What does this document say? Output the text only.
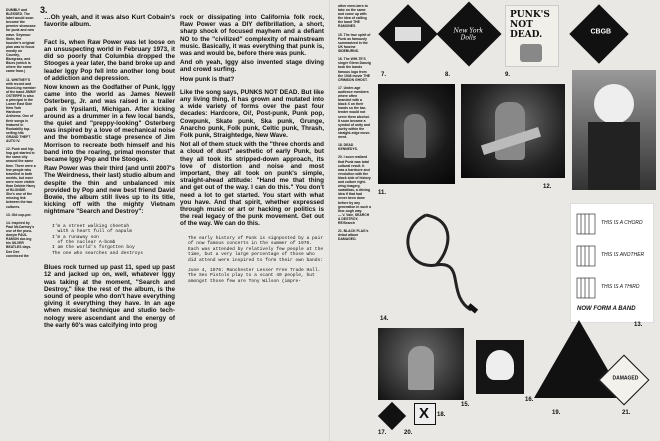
DUMBLY and BLESSED. The label would soon become the premier showcase for punk and new wave. Seymour Stein, the founder's original plan was to focus mostly on Country, Bluegrass, and Blues (which is where the name came from.)

11. WHITNEY'S with record and found-ing member of the band JIMMY OSTERPE is also a principal in the Lower East Side New York Hardcore Anthems. One of their songs is featured in Rockabilly top-selling hits GRAND THEFT AUTO IV.

12. Punk and hip-hop got started in the same city around the same time. There were a few people who travelled in both worlds, but none were more visible than Debbie Harry of BLONDIE. She's one of the missing link between the two cultures.

13. Old cop-per.

14. Inspired by Paul McCartney's use of the pseu-donym PAUL RAMON dur-ing his SILVER BEATLES days. Dee Dee convinced the
3.
…Oh yeah, and it was also Kurt Cobain's favorite album.
Fact is, when Raw Power was let loose on an unsuspecting world in February 1973, it did so poorly that Columbia dropped the Stooges a year later, the band broke up and leader Iggy Pop fell into another long bout of addiction and depression.
Now known as the Godfather of Punk, Iggy came into the world as James Newell Osterberg, Jr. and was raised in a trailer park in Ypsilanti, Michigan. After kicking around as a drummer in a few local bands, the quiet and "preppy-looking" Osterberg was inspired by a love of mechanical noise and the bombastic stage presence of Jim Morrison to recreate both himself and his band into the roaring, primal monster that became Iggy Pop and the Stooges.
Raw Power was their third (and until 2007's The Weirdness, their last) studio album and despite the thin and unbalanced mix provided by Pop and new best friend David Bowie, the album still lives up to its title, kicking off with the mighty Vietnam nightmare "Search and Destroy":
I'm a street walking cheetah
with a heart full of napalm
I'm a runaway son
of the nuclear A-bomb
I am the world's forgotten boy
The one who searches and destroys
Blues rock turned up past 11, sped up past 12 and jacked up on, well, whatever Iggy was taking at the moment, "Search and Destroy," like the rest of the album, is the sound of people who don't have everything giving it everything they have. In an age when musical technique and studio tech-nology were ascendant and the energy of the early 60's was calcifying into prog
rock or dissipating into California folk rock, Raw Power was a DIY defibrillation, a short, sharp shock of focused mayhem and a defiant NO to the "civilized" complexity of mainstream music. Basically, it was everything that punk is, was and would be, before there was punk.
And oh yeah, Iggy also invented stage diving and crowd surfing.
How punk is that?
Like the song says, PUNKS NOT DEAD. But like any living thing, it has grown and mutated into a wide variety of forms over the past four decades: Hardcore, Oi!, Post-punk, Punk pop, Cowpunk, Skate punk, Ska punk, Grunge, Anarcho punk, Folk punk, Celtic punk, Thrash, Folk punk, Straightedge, New Wave.
Not all of them stuck with the "three chords and a cloud of dust" aesthetic of early Punk, but they all took its stripped-down approach, its love of distortion and noise and most important, they all took on punk's simple, straight-ahead attitude: "Hand me that thing and get out of the way. I can do this." You don't need a lot to get started. You start with what you have. And that spirit, whether expressed through music or art or hacking or politics is the real legacy of the punk movement. Get out of the way. We can do this.
The early history of Punk is signposted by a pair of now famous concerts in the summer of 1976. Each was attended by relatively few people at the time, but a very large percentage of those who did attend were inspired to form their own bands:
June 4, 1976: Manchester Lesser Free Trade Hall. The Sex Pistols play to a scant 40 people, but amongst those few are Tony Wilson (impre-
other mem-bers to take on the same and come up with the idea of calling the band THE RAMONES

15. The true spirit of Punk as famously summarized in the UK fanzine SIDEBURNS.

16. The WHI-TE'S singer Glenn Danzig took the bands famous logo from the 1946 movie THE CRIMSON GHOST.

17. Under-age audience members where often branded with a black X on their hands so the bar-tender would not serve them alcohol. It soon became a symbol of unity and purity within the straight-edge move-ment.

18. DEAD KENNEDYS.

20. I soon realized that Punk was total cultural result. It was a hardcore and revolution with the black side of history and culture right-wing imagery, swastikas, a driving idea if that had never been done before by any generation in such a thor-ough way.
— V. Vale, SEARCH & DESTROY, RE/Search

21. BLACK FLAG's debut album DAMAGED.
7.
New York Dolls
8.
PUNK'S NOT DEAD.
9.
CBGB
11.
12.
14.
THIS IS A CHORD
THIS IS ANOTHER
THIS IS A THIRD
NOW FORM A BAND
13.
15.
16.
19.
DAMAGED
21.
X 18.
17.	20.
